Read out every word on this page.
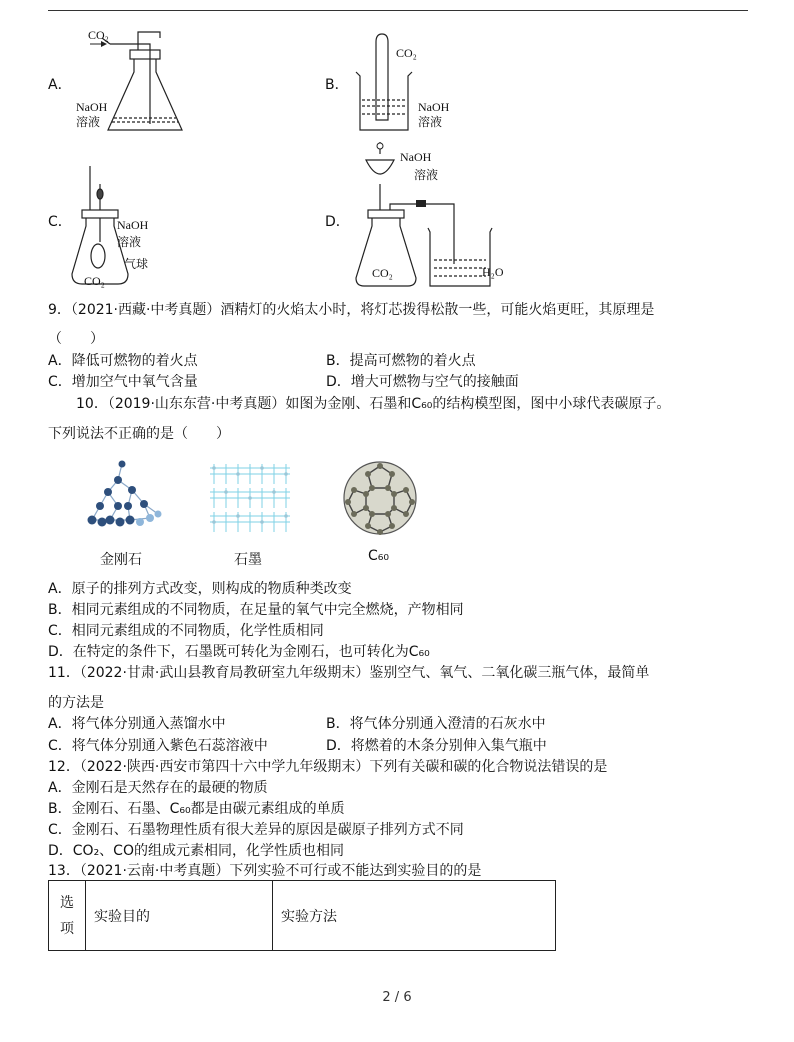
A．
CO₂
NaOH
溶液
B．
CO₂
NaOH
溶液
C．	NaOH
溶液
气球
CO₂
D．
NaOH
溶液
CO₂	H₂O
9．（2021·西藏·中考真题）酒精灯的火焰太小时，将灯芯拨得松散一些，可能火焰更旺，其原理是
（　　）
A．降低可燃物的着火点	B．提高可燃物的着火点
C．增加空气中氧气含量	D．增大可燃物与空气的接触面
10．（2019·山东东营·中考真题）如图为金刚、石墨和C₆₀的结构模型图，图中小球代表碳原子。
下列说法不正确的是（　　）
金刚石	石墨	C₆₀
A．原子的排列方式改变，则构成的物质种类改变
B．相同元素组成的不同物质，在足量的氧气中完全燃烧，产物相同
C．相同元素组成的不同物质，化学性质相同
D．在特定的条件下，石墨既可转化为金刚石，也可转化为C₆₀
11．（2022·甘肃·武山县教育局教研室九年级期末）鉴别空气、氧气、二氧化碳三瓶气体，最简单
的方法是
A．将气体分别通入蒸馏水中	B．将气体分别通入澄清的石灰水中
C．将气体分别通入紫色石蕊溶液中	D．将燃着的木条分别伸入集气瓶中
12．（2022·陕西·西安市第四十六中学九年级期末）下列有关碳和碳的化合物说法错误的是
A．金刚石是天然存在的最硬的物质
B．金刚石、石墨、C₆₀都是由碳元素组成的单质
C．金刚石、石墨物理性质有很大差异的原因是碳原子排列方式不同
D．CO₂、CO的组成元素相同，化学性质也相同
13．（2021·云南·中考真题）下列实验不可行或不能达到实验目的的是
选项
	实验目的	实验方法
2 / 6
